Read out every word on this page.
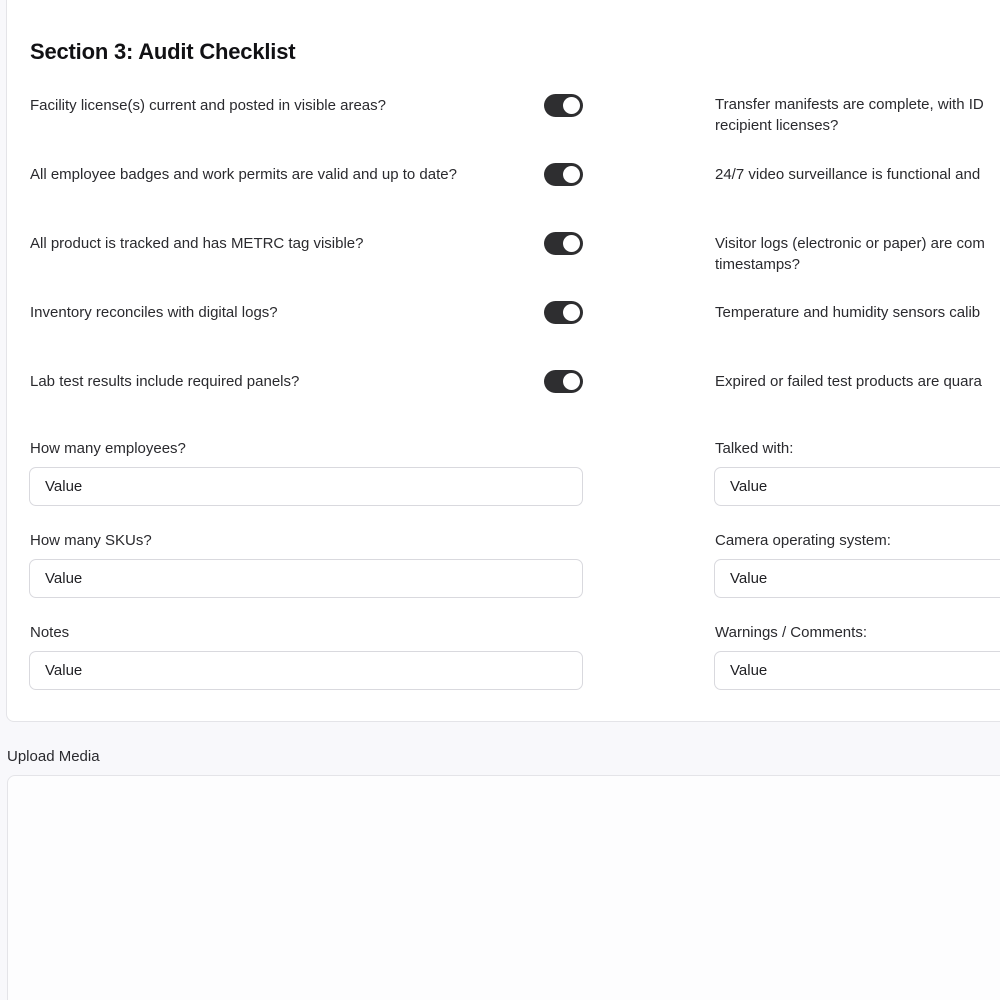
Section 3: Audit Checklist
Facility license(s) current and posted in visible areas?
All employee badges and work permits are valid and up to date?
All product is tracked and has METRC tag visible?
Inventory reconciles with digital logs?
Lab test results include required panels?
Transfer manifests are complete, with ID recipient licenses?
24/7 video surveillance is functional and
Visitor logs (electronic or paper) are com timestamps?
Temperature and humidity sensors calib
Expired or failed test products are quara
How many employees?
Value
How many SKUs?
Value
Notes
Value
Talked with:
Value
Camera operating system:
Value
Warnings / Comments:
Value
Upload Media
